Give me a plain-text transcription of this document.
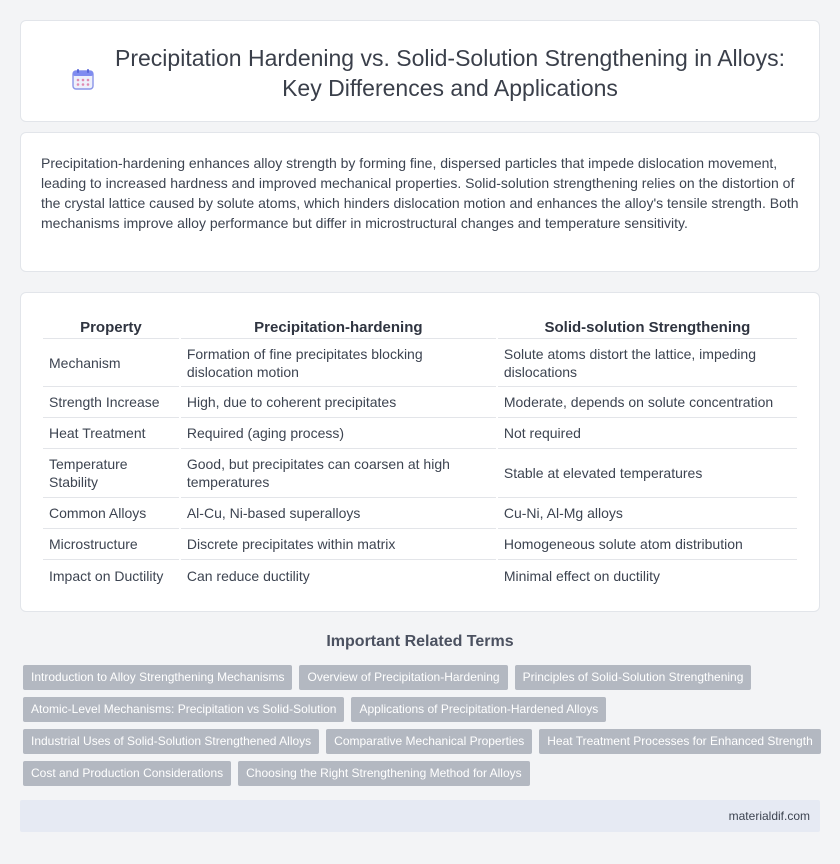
Precipitation Hardening vs. Solid-Solution Strengthening in Alloys: Key Differences and Applications

Precipitation-hardening enhances alloy strength by forming fine, dispersed particles that impede dislocation movement, leading to increased hardness and improved mechanical properties. Solid-solution strengthening relies on the distortion of the crystal lattice caused by solute atoms, which hinders dislocation motion and enhances the alloy's tensile strength. Both mechanisms improve alloy performance but differ in microstructural changes and temperature sensitivity.

Property	Precipitation-hardening	Solid-solution Strengthening
Mechanism	Formation of fine precipitates blocking dislocation motion	Solute atoms distort the lattice, impeding dislocations
Strength Increase	High, due to coherent precipitates	Moderate, depends on solute concentration
Heat Treatment	Required (aging process)	Not required
Temperature Stability	Good, but precipitates can coarsen at high temperatures	Stable at elevated temperatures
Common Alloys	Al-Cu, Ni-based superalloys	Cu-Ni, Al-Mg alloys
Microstructure	Discrete precipitates within matrix	Homogeneous solute atom distribution
Impact on Ductility	Can reduce ductility	Minimal effect on ductility
Important Related Terms
Introduction to Alloy Strengthening Mechanisms	Overview of Precipitation-Hardening	Principles of Solid-Solution Strengthening
Atomic-Level Mechanisms: Precipitation vs Solid-Solution	Applications of Precipitation-Hardened Alloys
Industrial Uses of Solid-Solution Strengthened Alloys	Comparative Mechanical Properties	Heat Treatment Processes for Enhanced Strength
Cost and Production Considerations	Choosing the Right Strengthening Method for Alloys
materialdif.com
